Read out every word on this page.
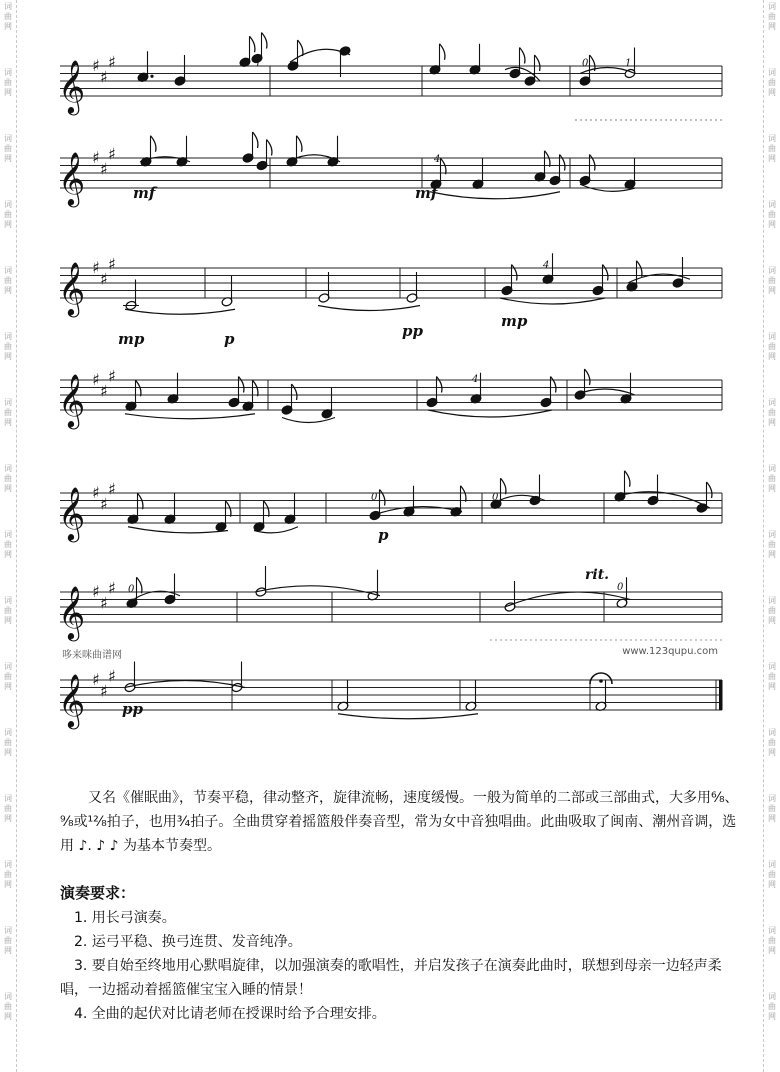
词
曲
网
词
曲
网
词
曲
网
词
曲
网
词
曲
网
词
曲
网
词
曲
网
词
曲
网
词
曲
网
词
曲
网
词
曲
网
词
曲
网
词
曲
网
词
曲
网
词
曲
网
词
曲
网
词
曲
网
词
曲
网
词
曲
网
词
曲
网
词
曲
网
词
曲
网
词
曲
网
词
曲
网
词
曲
网
词
曲
网
词
曲
网
词
曲
网
词
曲
网
词
曲
网
词
曲
网
词
曲
网
𝄞 ♯
♯
♯
𝄞 ♯
♯
♯
𝄞 ♯
♯
♯
𝄞 ♯
♯
♯
𝄞 ♯
♯
♯
𝄞 ♯
♯
♯
𝄞 ♯
♯
♯
0 1	0	1
mf	mf
4
mp	p	pp
mp
4
4
p
0	0
0	0
rit.
pp
哆来咪曲谱网	www.123qupu.com
又名《催眠曲》，节奏平稳，律动整齐，旋律流畅，速度缓慢。一般为简单的二部或三部曲式，大多用⁶⁄₈、⁹⁄₈或¹²⁄₈拍子，也用³⁄₄拍子。全曲贯穿着摇篮般伴奏音型，常为女中音独唱曲。此曲吸取了闽南、潮州音调，选用 ♪. ♪ ♪ 为基本节奏型。
演奏要求：
1. 用长弓演奏。
2. 运弓平稳、换弓连贯、发音纯净。
3. 要自始至终地用心默唱旋律，以加强演奏的歌唱性，并启发孩子在演奏此曲时，联想到母亲一边轻声柔唱，一边摇动着摇篮催宝宝入睡的情景！
4. 全曲的起伏对比请老师在授课时给予合理安排。
